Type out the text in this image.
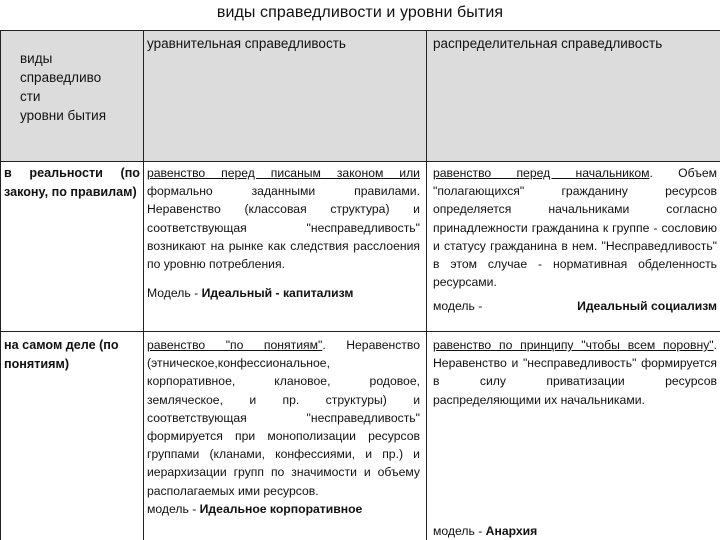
виды справедливости и уровни бытия
виды
справедливо
сти
уровни бытия
уравнительная справедливость	распределительная справедливость
в реальности (по закону, по правилам)
равенство перед писаным законом или формально заданными правилами. Неравенство (классовая структура) и соответствующая "несправедливость" возникают на рынке как следствия расслоения по уровню потребления.
Модель - Идеальный - капитализм
равенство перед начальником. Объем "полагающихся" гражданину ресурсов определяется начальниками согласно принадлежности гражданина к группе - сословию и статусу гражданина в нем. "Несправедливость" в этом случае - нормативная обделенность ресурсами.
модель -	Идеальный социализм
на самом деле (по понятиям)
равенство "по понятиям". Неравенство (этническое,конфессиональное, корпоративное, клановое, родовое, земляческое, и пр. структуры) и соответствующая "несправедливость" формируется при монополизации ресурсов группами (кланами, конфессиями, и пр.) и иерархизации групп по значимости и объему располагаемых ими ресурсов.
модель - Идеальное корпоративное
равенство по принципу "чтобы всем поровну". Неравенство и "несправедливость" формируется в силу приватизации ресурсов распределяющими их начальниками.
модель - Анархия
